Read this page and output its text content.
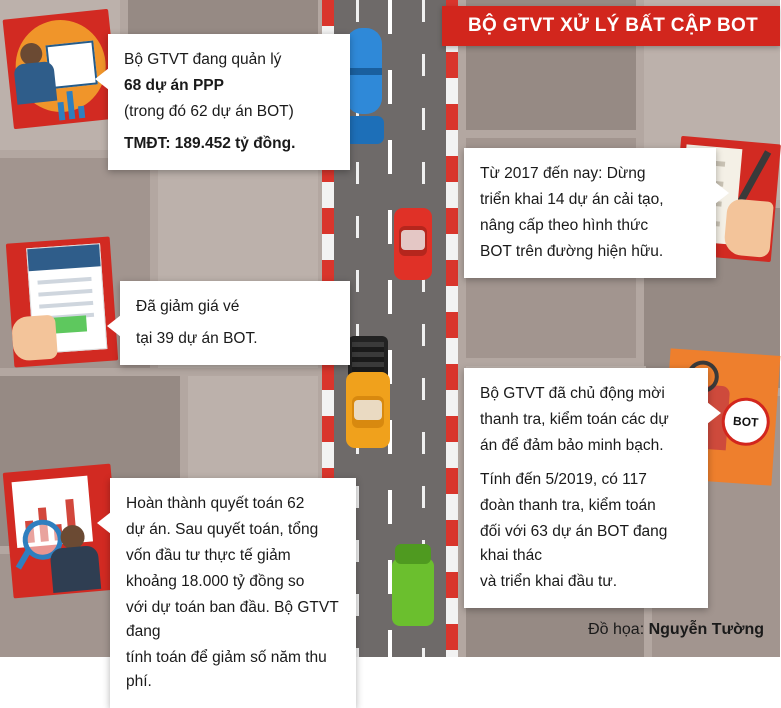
BỘ GTVT XỬ LÝ BẤT CẬP BOT

Bộ GTVT đang quản lý

68 dự án PPP

(trong đó 62 dự án BOT)

TMĐT: 189.452 tỷ đồng.

Từ 2017 đến nay: Dừng

triển khai 14 dự án cải tạo,

nâng cấp theo hình thức

BOT trên đường hiện hữu.

Đã giảm giá vé

tại 39 dự án BOT.

BOT

Bộ GTVT đã chủ động mời

thanh tra, kiểm toán các dự

án để đảm bảo minh bạch.

Tính đến 5/2019, có 117

đoàn thanh tra, kiểm toán

đối với 63 dự án BOT đang khai thác

và triển khai đầu tư.

Hoàn thành quyết toán 62

dự án. Sau quyết toán, tổng

vốn đầu tư thực tế giảm

khoảng 18.000 tỷ đồng so

với dự toán ban đầu. Bộ GTVT đang

tính toán để giảm số năm thu phí.

Đồ họa: Nguyễn Tường
